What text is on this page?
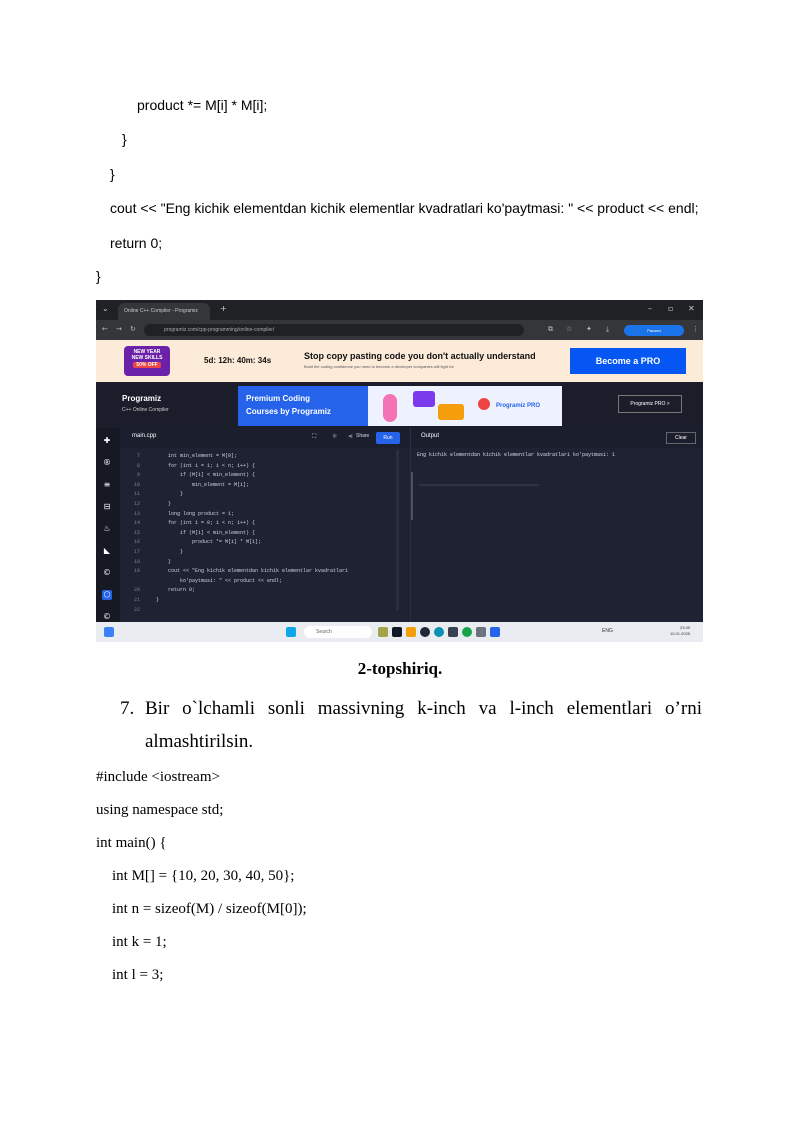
product *= M[i] * M[i];
}
}
cout << "Eng kichik elementdan kichik elementlar kvadratlari ko'paytmasi: " << product << endl;
return 0;
}
⌄	Online C++ Compiler - Programiz	+	– ▫ ✕
← → ↻	programiz.com/cpp-programming/online-compiler/	⧉ ☆ ✦ ⤓	Paused	⋮
NEW YEAR
NEW SKILLS
50% OFF	5d: 12h: 40m: 34s	Stop copy pasting code you don't actually understand
Build the coding confidence you need to become a developer companies will fight for
Become a PRO
Programiz
C++ Online Compiler
Premium Coding
Courses by Programiz
Programiz PRO	Programiz PRO >
✚
®
≡
⊟
♨
◣
©
⬡
©
main.cpp	⛶	☼ ⋖ Share	Run
7	int min_element = M[0];
8	for (int i = 1; i < n; i++) {
9	if (M[i] < min_element) {
10	min_element = M[i];
11	}
12	}
13	long long product = 1;
14	for (int i = 0; i < n; i++) {
15	if (M[i] < min_element) {
16	product *= M[i] * M[i];
17	}
18	}
19	cout << "Eng kichik elementdan kichik elementlar kvadratlari
ko'paytmasi: " << product << endl;
20	return 0;
21	}
22
Output	Clear
Eng kichik elementdan kichik elementlar kvadratlari ko'paytmasi: 1
Search	ENG
23:09
10.01.2025
2-topshiriq.
7. Bir o`lchamli sonli massivning k-inch va l-inch elementlari o’rni
almashtirilsin.
#include <iostream>
using namespace std;
int main() {
int M[] = {10, 20, 30, 40, 50};
int n = sizeof(M) / sizeof(M[0]);
int k = 1;
int l = 3;
